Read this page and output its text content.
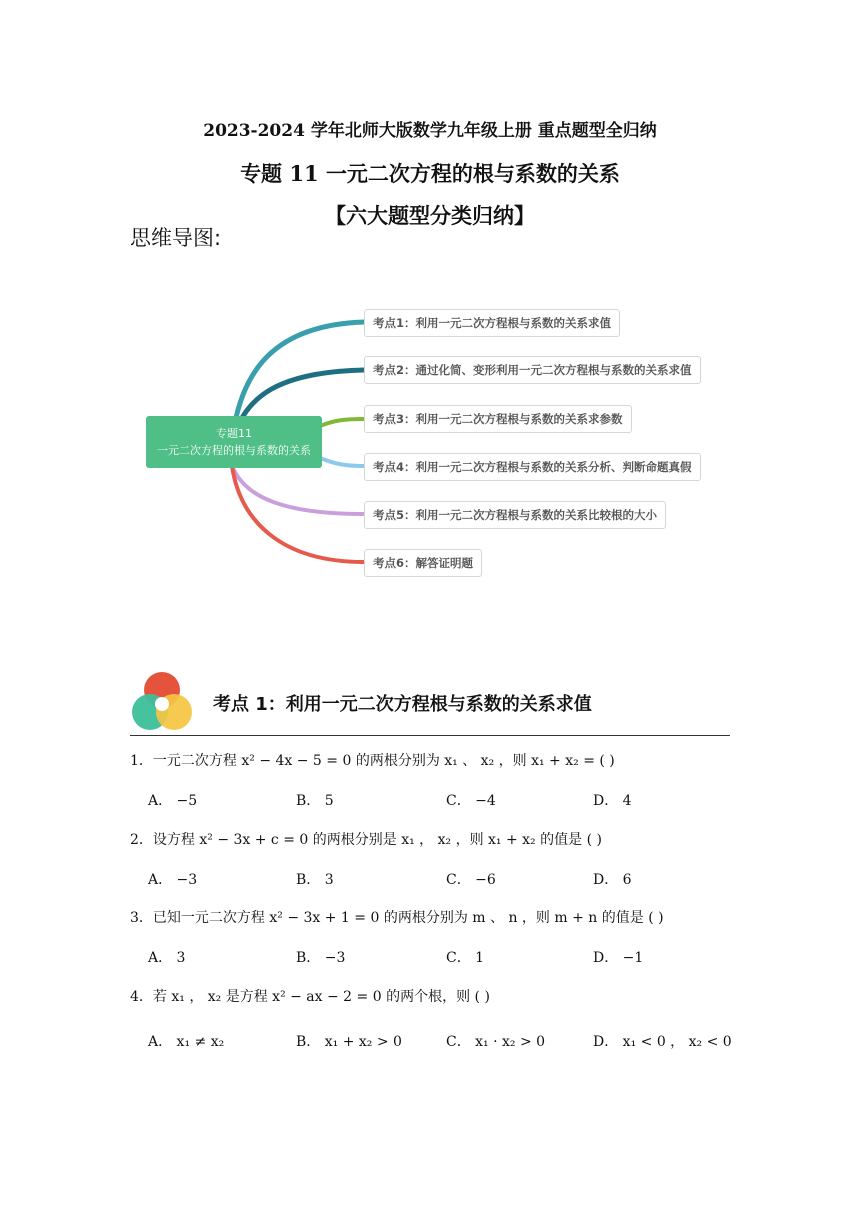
2023-2024 学年北师大版数学九年级上册 重点题型全归纳
专题 11 一元二次方程的根与系数的关系
【六大题型分类归纳】
思维导图:
专题11
一元二次方程的根与系数的关系
考点1：利用一元二次方程根与系数的关系求值
考点2：通过化简、变形利用一元二次方程根与系数的关系求值
考点3：利用一元二次方程根与系数的关系求参数
考点4：利用一元二次方程根与系数的关系分析、判断命题真假
考点5：利用一元二次方程根与系数的关系比较根的大小
考点6：解答证明题
考点 1：利用一元二次方程根与系数的关系求值
1．一元二次方程 x² − 4x − 5 = 0 的两根分别为 x₁ 、 x₂ ，则 x₁ + x₂ = ( )
A． −5	B． 5	C． −4	D． 4
2．设方程 x² − 3x + c = 0 的两根分别是 x₁ ， x₂ ，则 x₁ + x₂ 的值是 ( )
A． −3	B． 3	C． −6	D． 6
3．已知一元二次方程 x² − 3x + 1 = 0 的两根分别为 m 、 n ，则 m + n 的值是 ( )
A． 3	B． −3	C． 1	D． −1
4．若 x₁ ， x₂ 是方程 x² − ax − 2 = 0 的两个根，则 ( )
A． x₁ ≠ x₂	B． x₁ + x₂ > 0	C． x₁ · x₂ > 0	D． x₁ < 0 ， x₂ < 0
